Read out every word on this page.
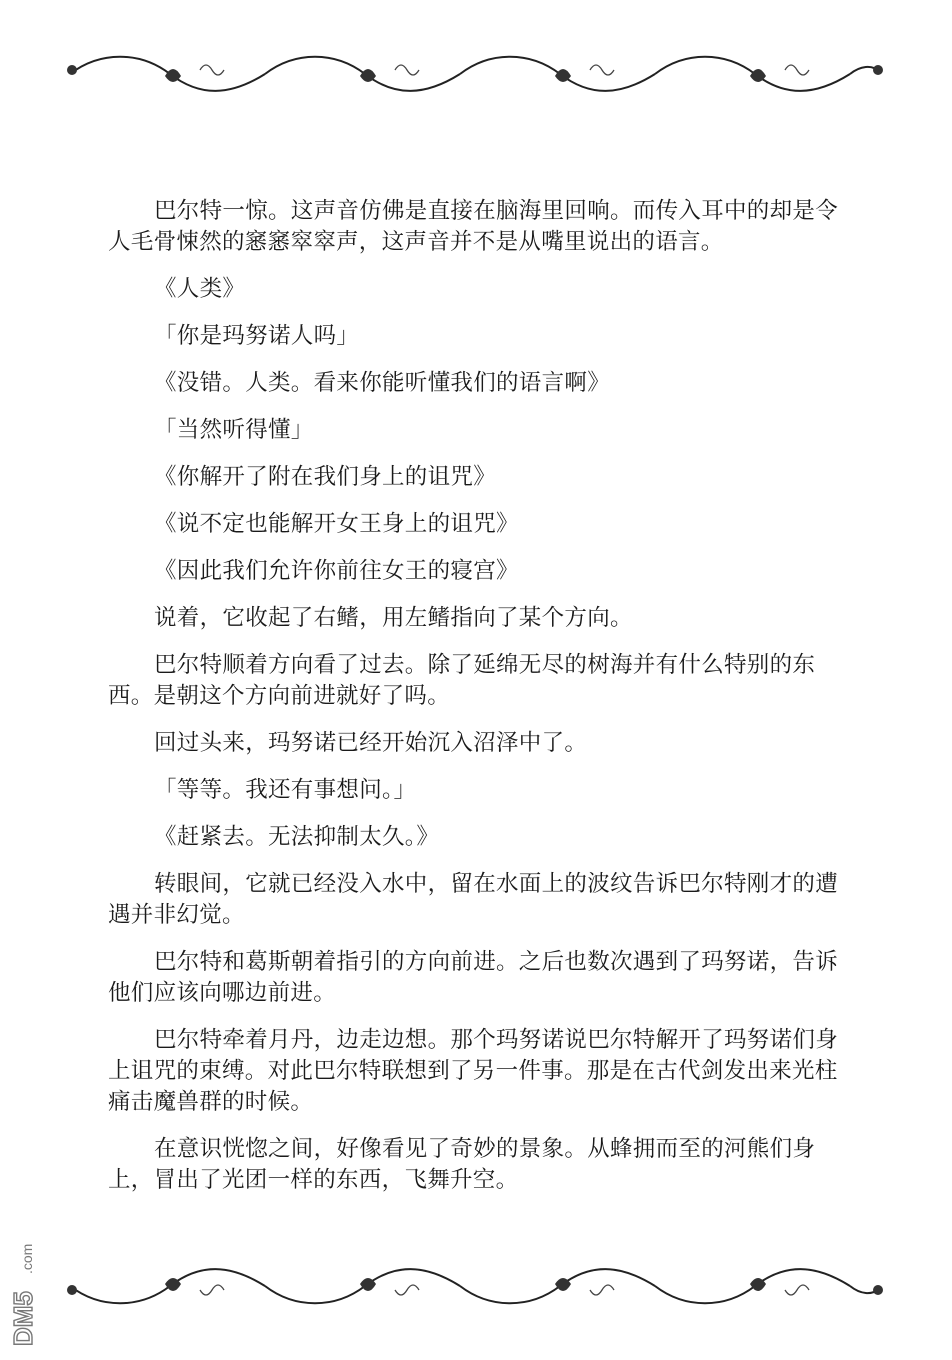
巴尔特一惊。这声音仿佛是直接在脑海里回响。而传入耳中的却是令人毛骨悚然的窸窸窣窣声，这声音并不是从嘴里说出的语言。

《人类》

「你是玛努诺人吗」

《没错。人类。看来你能听懂我们的语言啊》

「当然听得懂」

《你解开了附在我们身上的诅咒》

《说不定也能解开女王身上的诅咒》

《因此我们允许你前往女王的寝宫》

说着，它收起了右鳍，用左鳍指向了某个方向。

巴尔特顺着方向看了过去。除了延绵无尽的树海并有什么特别的东西。是朝这个方向前进就好了吗。

回过头来，玛努诺已经开始沉入沼泽中了。

「等等。我还有事想问。」

《赶紧去。无法抑制太久。》

转眼间，它就已经没入水中，留在水面上的波纹告诉巴尔特刚才的遭遇并非幻觉。

巴尔特和葛斯朝着指引的方向前进。之后也数次遇到了玛努诺，告诉他们应该向哪边前进。

巴尔特牵着月丹，边走边想。那个玛努诺说巴尔特解开了玛努诺们身上诅咒的束缚。对此巴尔特联想到了另一件事。那是在古代剑发出来光柱痛击魔兽群的时候。

在意识恍惚之间，好像看见了奇妙的景象。从蜂拥而至的河熊们身上，冒出了光团一样的东西，飞舞升空。

DM5
.com
